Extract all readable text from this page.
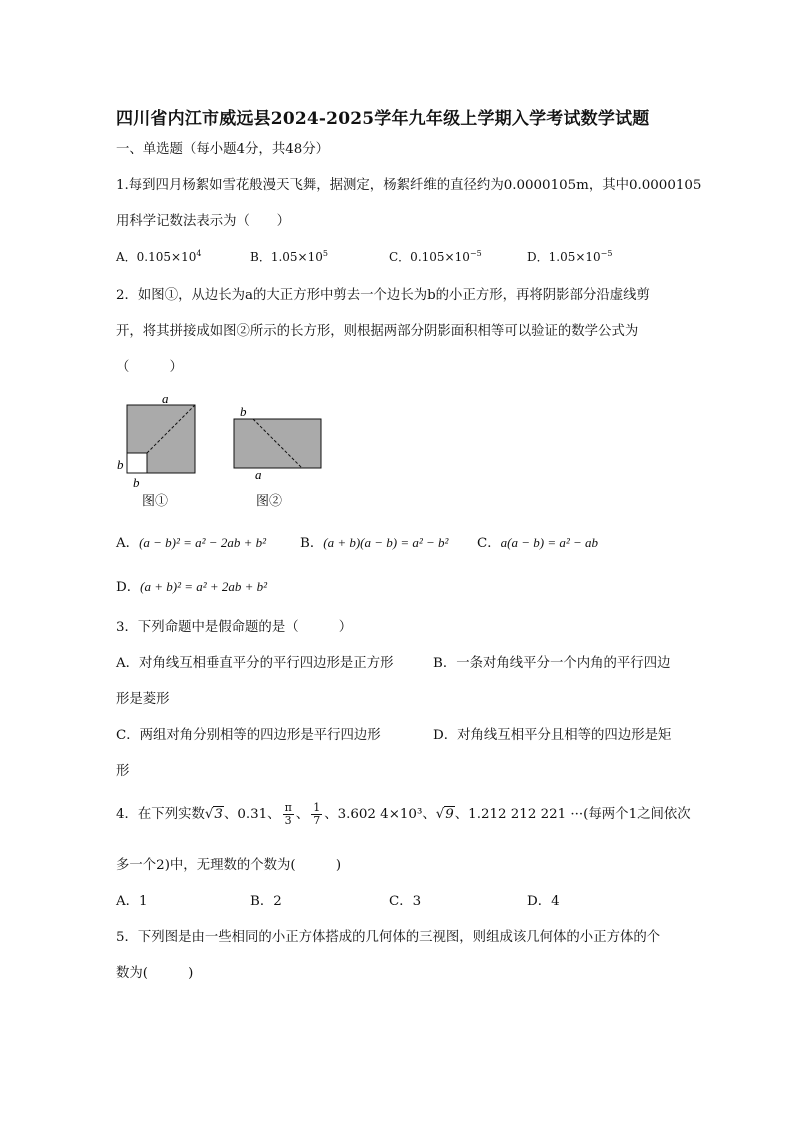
四川省内江市威远县2024-2025学年九年级上学期入学考试数学试题
一、单选题（每小题4分，共48分）
1.每到四月杨絮如雪花般漫天飞舞，据测定，杨絮纤维的直径约为0.0000105m，其中0.0000105
用科学记数法表示为（　　）
A．$0.105\times 10^4$	B．$1.05\times 10^5$	C．$0.105\times 10^{-5}$	D．$1.05\times 10^{-5}$
2．如图①，从边长为a的大正方形中剪去一个边长为b的小正方形，再将阴影部分沿虚线剪
开，将其拼接成如图②所示的长方形，则根据两部分阴影面积相等可以验证的数学公式为
（　　　）
a
b
b
图①
b
a
图②
A．(a − b)² = a² − 2ab + b²	B．(a + b)(a − b) = a² − b² C．a(a − b) = a² − ab
D．(a + b)² = a² + 2ab + b²
3．下列命题中是假命题的是（　　　）
A．对角线互相垂直平分的平行四边形是正方形	B．一条对角线平分一个内角的平行四边
形是菱形
C．两组对角分别相等的四边形是平行四边形	D．对角线互相平分且相等的四边形是矩
形
4．在下列实数√3、0.31、 $\frac{\pi}{3}$ 、 $\frac{1}{7}$ 、3.602 4×10³、√9、1.212 212 221 ···(每两个1之间依次
多一个2)中，无理数的个数为(　　　)
A．1	B．2	C．3	D．4
5．下列图是由一些相同的小正方体搭成的几何体的三视图，则组成该几何体的小正方体的个
数为(　　　)
